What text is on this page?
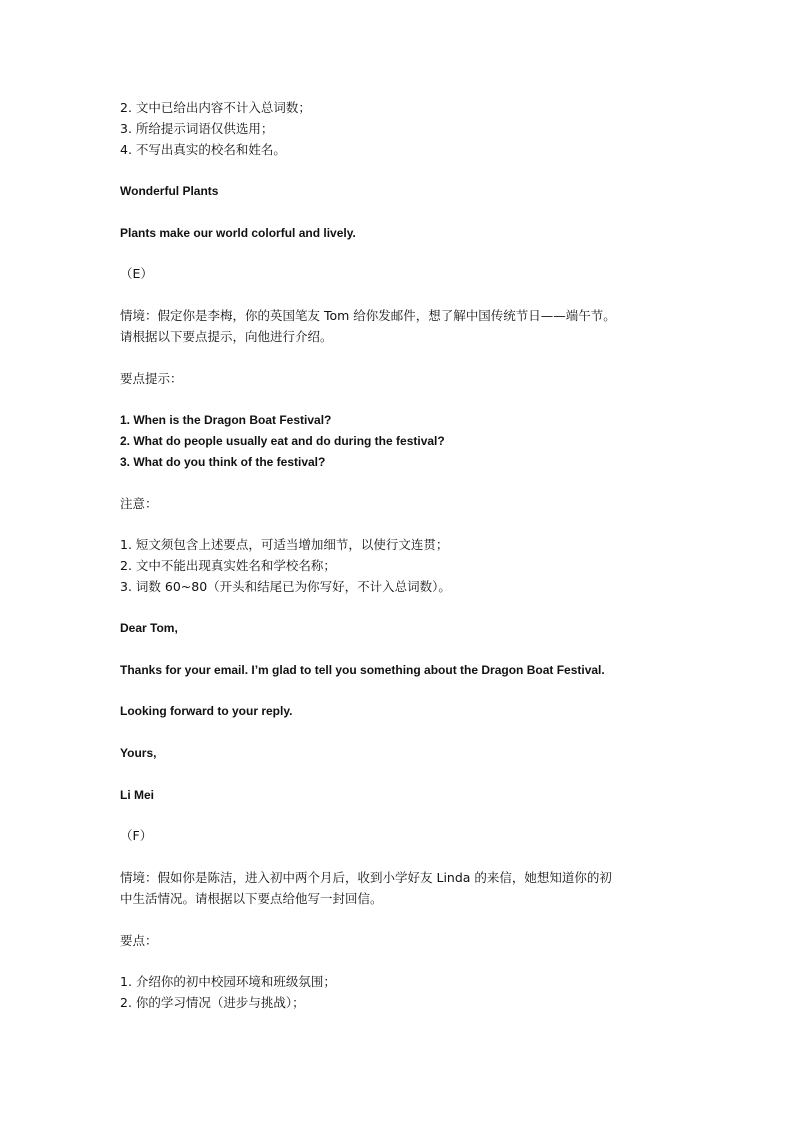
2. 文中已给出内容不计入总词数；
3. 所给提示词语仅供选用；
4. 不写出真实的校名和姓名。
Wonderful Plants
Plants make our world colorful and lively.
（E）
情境：假定你是李梅，你的英国笔友 Tom 给你发邮件，想了解中国传统节日——端午节。
请根据以下要点提示，向他进行介绍。
要点提示：
1. When is the Dragon Boat Festival?
2. What do people usually eat and do during the festival?
3. What do you think of the festival?
注意：
1. 短文须包含上述要点，可适当增加细节，以使行文连贯；
2. 文中不能出现真实姓名和学校名称；
3. 词数 60~80（开头和结尾已为你写好，不计入总词数）。
Dear Tom,
Thanks for your email. I’m glad to tell you something about the Dragon Boat Festival.
Looking forward to your reply.
Yours,
Li Mei
（F）
情境：假如你是陈洁，进入初中两个月后，收到小学好友 Linda 的来信，她想知道你的初
中生活情况。请根据以下要点给他写一封回信。
要点：
1. 介绍你的初中校园环境和班级氛围；
2. 你的学习情况（进步与挑战）；
